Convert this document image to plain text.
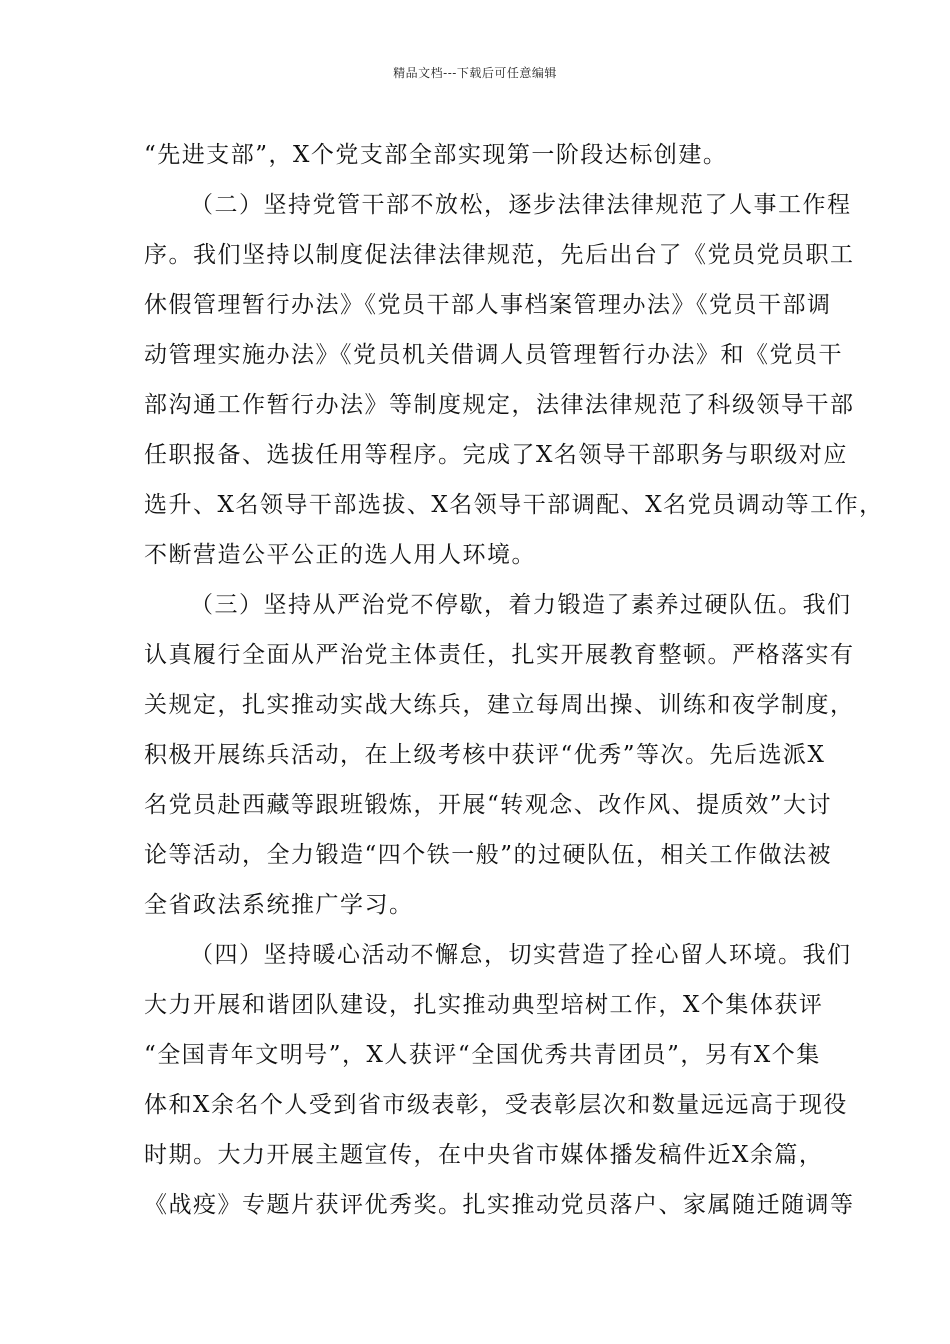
精品文档---下载后可任意编辑
“先进支部”，X个党支部全部实现第一阶段达标创建。
（二）坚持党管干部不放松，逐步法律法律规范了人事工作程
序。我们坚持以制度促法律法律规范，先后出台了《党员党员职工
休假管理暂行办法》《党员干部人事档案管理办法》《党员干部调
动管理实施办法》《党员机关借调人员管理暂行办法》和《党员干
部沟通工作暂行办法》等制度规定，法律法律规范了科级领导干部
任职报备、选拔任用等程序。完成了X名领导干部职务与职级对应
选升、X名领导干部选拔、X名领导干部调配、X名党员调动等工作，
不断营造公平公正的选人用人环境。
（三）坚持从严治党不停歇，着力锻造了素养过硬队伍。我们
认真履行全面从严治党主体责任，扎实开展教育整顿。严格落实有
关规定，扎实推动实战大练兵，建立每周出操、训练和夜学制度，
积极开展练兵活动，在上级考核中获评“优秀”等次。先后选派X
名党员赴西藏等跟班锻炼，开展“转观念、改作风、提质效”大讨
论等活动，全力锻造“四个铁一般”的过硬队伍，相关工作做法被
全省政法系统推广学习。
（四）坚持暖心活动不懈怠，切实营造了拴心留人环境。我们
大力开展和谐团队建设，扎实推动典型培树工作，X个集体获评
“全国青年文明号”，X人获评“全国优秀共青团员”，另有X个集
体和X余名个人受到省市级表彰，受表彰层次和数量远远高于现役
时期。大力开展主题宣传，在中央省市媒体播发稿件近X余篇，
《战疫》专题片获评优秀奖。扎实推动党员落户、家属随迁随调等
